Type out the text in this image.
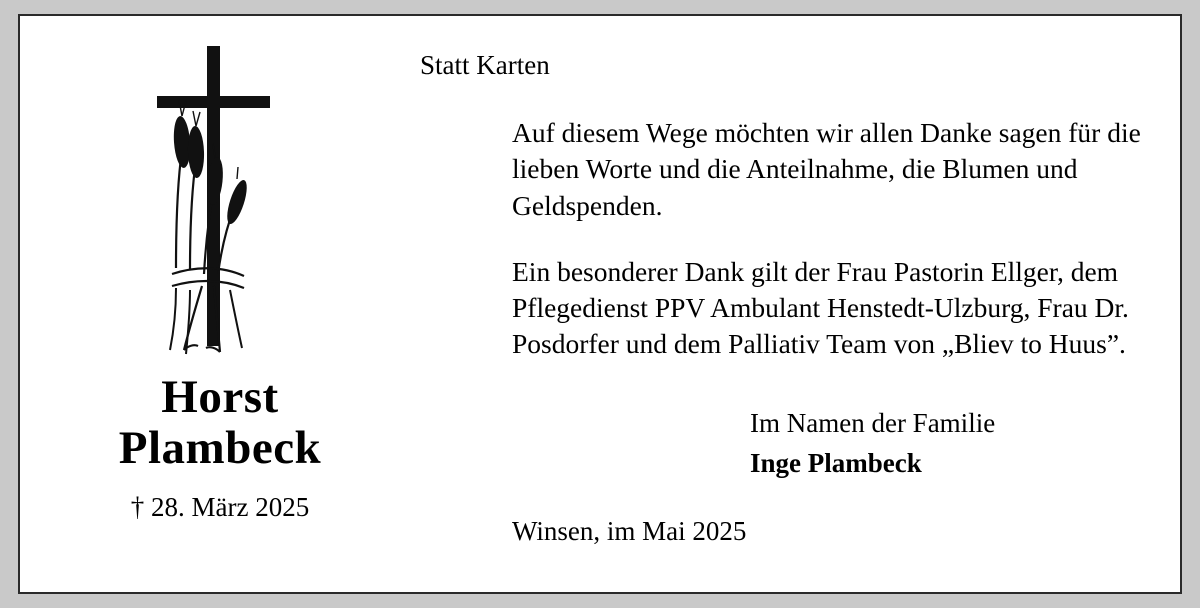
Horst
Plambeck
† 28. März 2025
Statt Karten

Auf diesem Wege möchten wir allen Danke sagen für die lieben Worte und die Anteilnahme, die Blumen und Geldspenden.

Ein besonderer Dank gilt der Frau Pastorin Ellger, dem Pflegedienst PPV Ambulant Henstedt-Ulzburg, Frau Dr. Posdorfer und dem Palliativ Team von „Bliev to Huus”.

Im Namen der Familie
Inge Plambeck
Winsen, im Mai 2025
